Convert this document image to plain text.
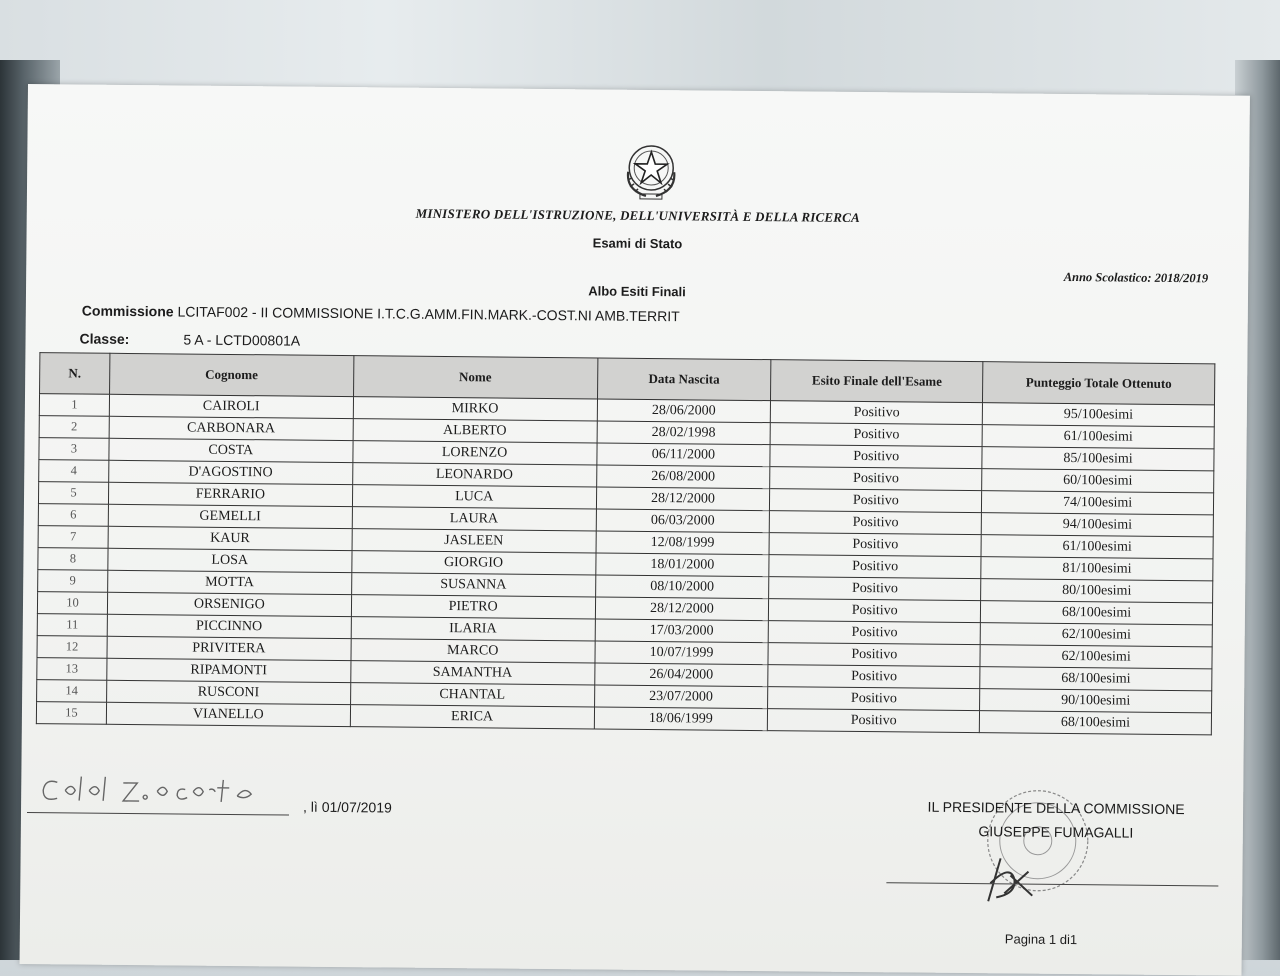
MINISTERO DELL'ISTRUZIONE, DELL'UNIVERSITÀ E DELLA RICERCA
Esami di Stato
Anno Scolastico: 2018/2019
Albo Esiti Finali
Commissione LCITAF002 - II COMMISSIONE I.T.C.G.AMM.FIN.MARK.-COST.NI AMB.TERRIT
Classe:	5 A - LCTD00801A
N.	Cognome	Nome	Data Nascita	Esito Finale dell'Esame	Punteggio Totale Ottenuto
1	CAIROLI	MIRKO	28/06/2000	Positivo	95/100esimi
2	CARBONARA	ALBERTO	28/02/1998	Positivo	61/100esimi
3	COSTA	LORENZO	06/11/2000	Positivo	85/100esimi
4	D'AGOSTINO	LEONARDO	26/08/2000	Positivo	60/100esimi
5	FERRARIO	LUCA	28/12/2000	Positivo	74/100esimi
6	GEMELLI	LAURA	06/03/2000	Positivo	94/100esimi
7	KAUR	JASLEEN	12/08/1999	Positivo	61/100esimi
8	LOSA	GIORGIO	18/01/2000	Positivo	81/100esimi
9	MOTTA	SUSANNA	08/10/2000	Positivo	80/100esimi
10	ORSENIGO	PIETRO	28/12/2000	Positivo	68/100esimi
11	PICCINNO	ILARIA	17/03/2000	Positivo	62/100esimi
12	PRIVITERA	MARCO	10/07/1999	Positivo	62/100esimi
13	RIPAMONTI	SAMANTHA	26/04/2000	Positivo	68/100esimi
14	RUSCONI	CHANTAL	23/07/2000	Positivo	90/100esimi
15	VIANELLO	ERICA	18/06/1999	Positivo	68/100esimi
, lì 01/07/2019	IL PRESIDENTE DELLA COMMISSIONE
GIUSEPPE FUMAGALLI
Pagina 1 di1
